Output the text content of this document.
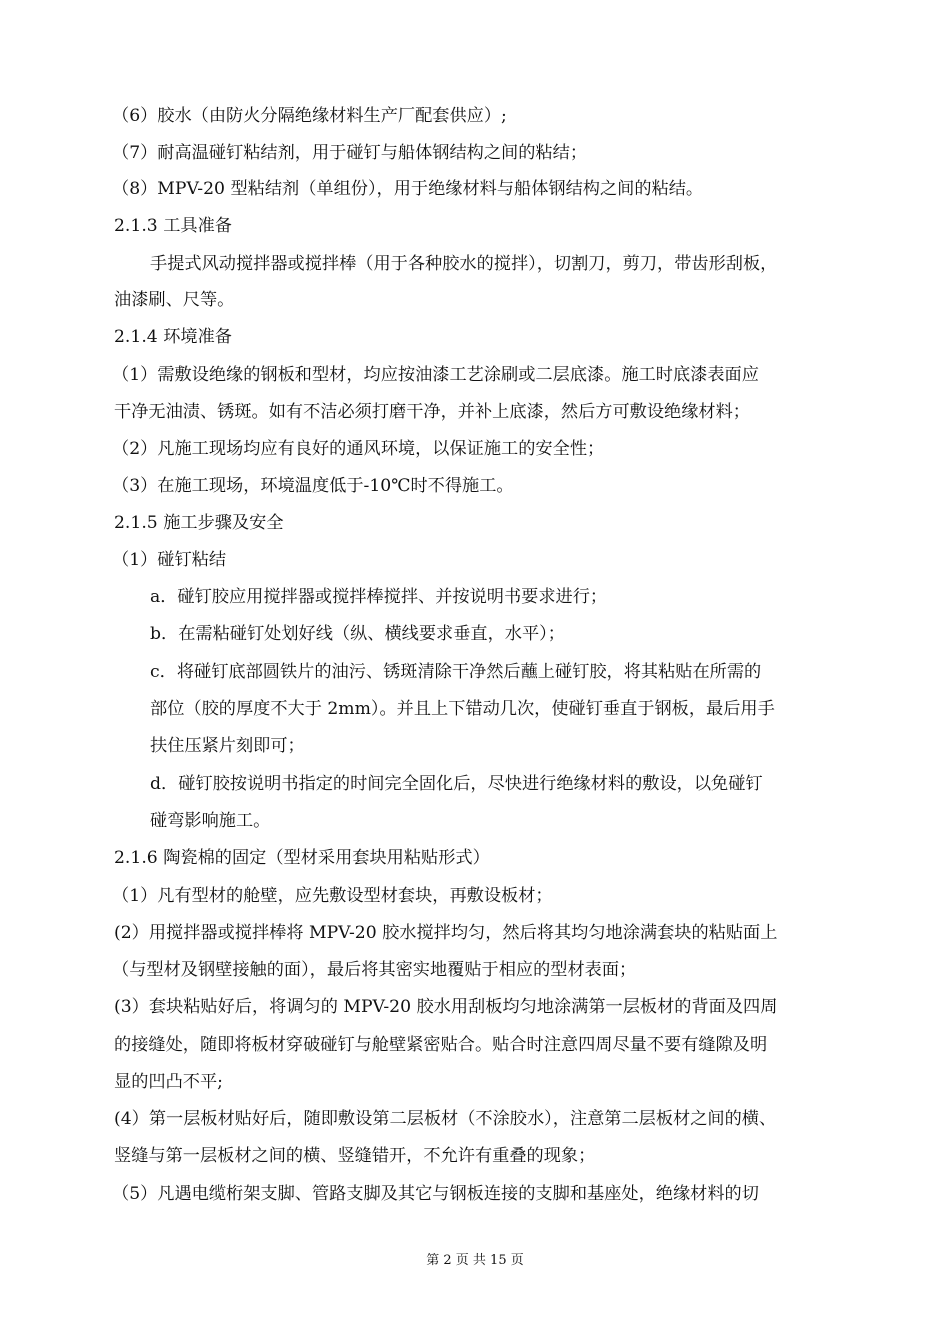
（6）胶水（由防火分隔绝缘材料生产厂配套供应）;
（7）耐高温碰钉粘结剂，用于碰钉与船体钢结构之间的粘结；
（8）MPV-20 型粘结剂（单组份），用于绝缘材料与船体钢结构之间的粘结。
2.1.3 工具准备
手提式风动搅拌器或搅拌棒（用于各种胶水的搅拌），切割刀，剪刀，带齿形刮板，
油漆刷、尺等。
2.1.4 环境准备
（1）需敷设绝缘的钢板和型材，均应按油漆工艺涂刷或二层底漆。施工时底漆表面应
干净无油渍、锈斑。如有不洁必须打磨干净，并补上底漆，然后方可敷设绝缘材料；
（2）凡施工现场均应有良好的通风环境，以保证施工的安全性；
（3）在施工现场，环境温度低于-10℃时不得施工。
2.1.5 施工步骤及安全
（1）碰钉粘结
a．碰钉胶应用搅拌器或搅拌棒搅拌、并按说明书要求进行；
b．在需粘碰钉处划好线（纵、横线要求垂直，水平）；
c．将碰钉底部圆铁片的油污、锈斑清除干净然后蘸上碰钉胶，将其粘贴在所需的
部位（胶的厚度不大于 2mm）。并且上下错动几次，使碰钉垂直于钢板，最后用手
扶住压紧片刻即可；
d．碰钉胶按说明书指定的时间完全固化后，尽快进行绝缘材料的敷设，以免碰钉
碰弯影响施工。
2.1.6 陶瓷棉的固定（型材采用套块用粘贴形式）
（1）凡有型材的舱壁，应先敷设型材套块，再敷设板材；
(2）用搅拌器或搅拌棒将 MPV-20 胶水搅拌均匀，然后将其均匀地涂满套块的粘贴面上
（与型材及钢壁接触的面），最后将其密实地覆贴于相应的型材表面；
(3）套块粘贴好后，将调匀的 MPV-20 胶水用刮板均匀地涂满第一层板材的背面及四周
的接缝处，随即将板材穿破碰钉与舱壁紧密贴合。贴合时注意四周尽量不要有缝隙及明
显的凹凸不平;
(4）第一层板材贴好后，随即敷设第二层板材（不涂胶水），注意第二层板材之间的横、
竖缝与第一层板材之间的横、竖缝错开，不允许有重叠的现象；
（5）凡遇电缆桁架支脚、管路支脚及其它与钢板连接的支脚和基座处，绝缘材料的切
第 2 页 共 15 页
